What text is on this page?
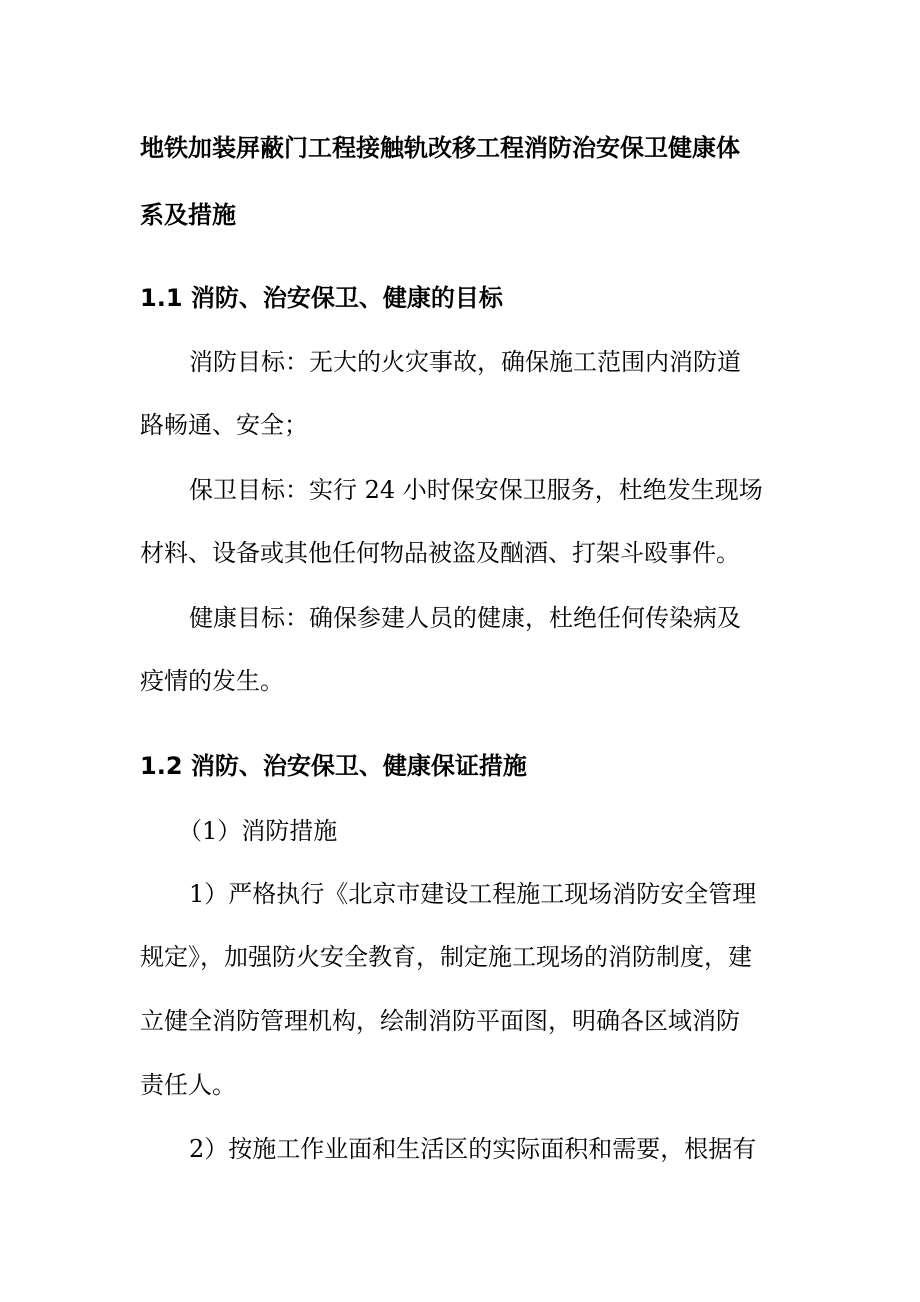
地铁加装屏蔽门工程接触轨改移工程消防治安保卫健康体
系及措施
1.1 消防、治安保卫、健康的目标
消防目标：无大的火灾事故，确保施工范围内消防道
路畅通、安全；
保卫目标：实行 24 小时保安保卫服务，杜绝发生现场
材料、设备或其他任何物品被盗及酗酒、打架斗殴事件。
健康目标：确保参建人员的健康，杜绝任何传染病及
疫情的发生。
1.2 消防、治安保卫、健康保证措施
（1）消防措施
1）严格执行《北京市建设工程施工现场消防安全管理
规定》，加强防火安全教育，制定施工现场的消防制度，建
立健全消防管理机构，绘制消防平面图，明确各区域消防
责任人。
2）按施工作业面和生活区的实际面积和需要，根据有
